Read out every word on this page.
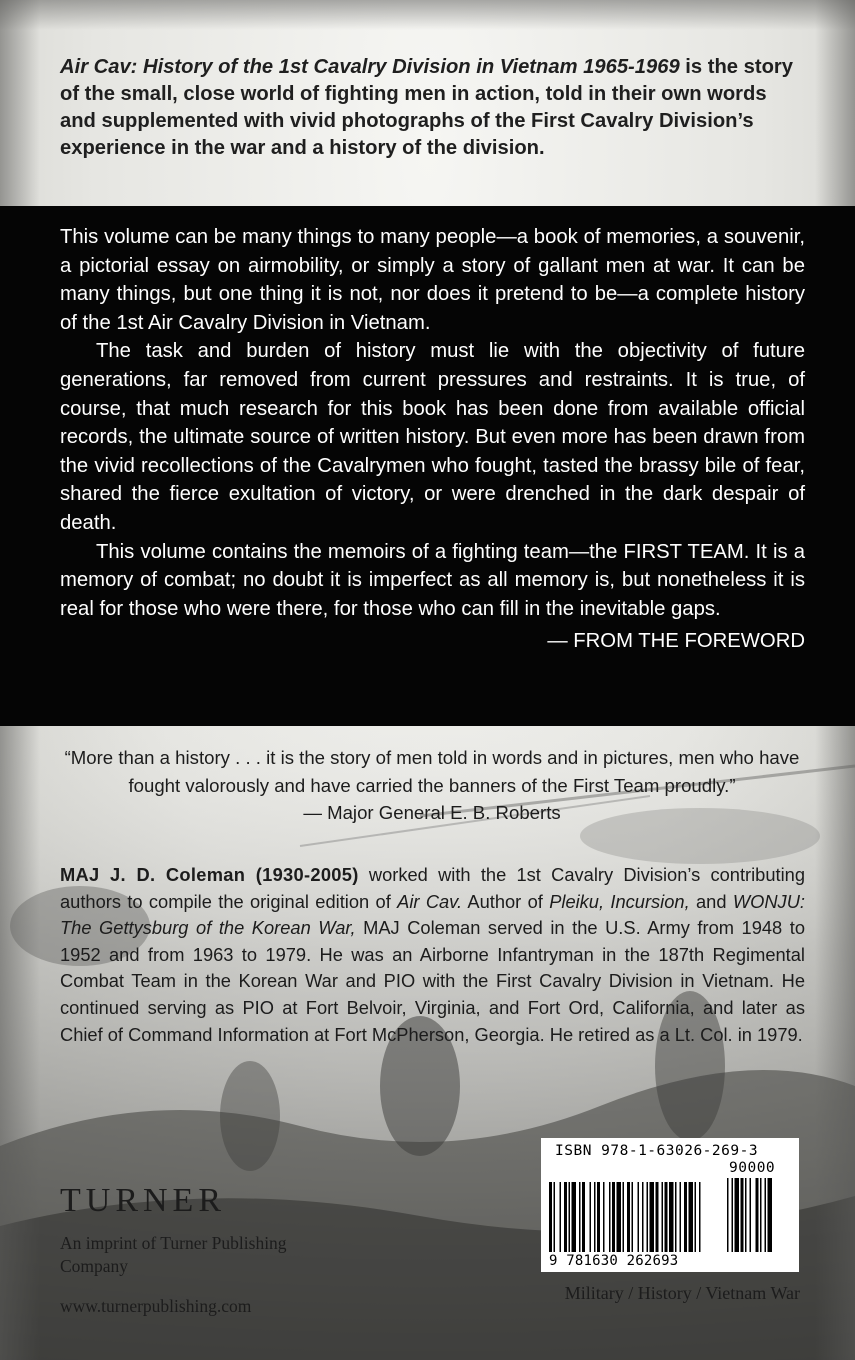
Air Cav: History of the 1st Cavalry Division in Vietnam 1965-1969 is the story of the small, close world of fighting men in action, told in their own words and supplemented with vivid photographs of the First Cavalry Division’s experience in the war and a history of the division.

This volume can be many things to many people—a book of memories, a souvenir, a pictorial essay on airmobility, or simply a story of gallant men at war. It can be many things, but one thing it is not, nor does it pretend to be—a complete history of the 1st Air Cavalry Division in Vietnam.

The task and burden of history must lie with the objectivity of future generations, far removed from current pressures and restraints. It is true, of course, that much research for this book has been done from available official records, the ultimate source of written history. But even more has been drawn from the vivid recollections of the Cavalrymen who fought, tasted the brassy bile of fear, shared the fierce exultation of victory, or were drenched in the dark despair of death.

This volume contains the memoirs of a fighting team—the FIRST TEAM. It is a memory of combat; no doubt it is imperfect as all memory is, but nonetheless it is real for those who were there, for those who can fill in the inevitable gaps.

— FROM THE FOREWORD

“More than a history . . . it is the story of men told in words and in pictures, men who have fought valorously and have carried the banners of the First Team proudly.”

— Major General E. B. Roberts

MAJ J. D. Coleman (1930-2005) worked with the 1st Cavalry Division’s contributing authors to compile the original edition of Air Cav. Author of Pleiku, Incursion, and WONJU: The Gettysburg of the Korean War, MAJ Coleman served in the U.S. Army from 1948 to 1952 and from 1963 to 1979. He was an Airborne Infantryman in the 187th Regimental Combat Team in the Korean War and PIO with the First Cavalry Division in Vietnam. He continued serving as PIO at Fort Belvoir, Virginia, and Fort Ord, California, and later as Chief of Command Information at Fort McPherson, Georgia. He retired as a Lt. Col. in 1979.
TURNER
An imprint of Turner Publishing Company
www.turnerpublishing.com
ISBN 978-1-63026-269-3
90000
9 781630 262693
Military / History / Vietnam War
